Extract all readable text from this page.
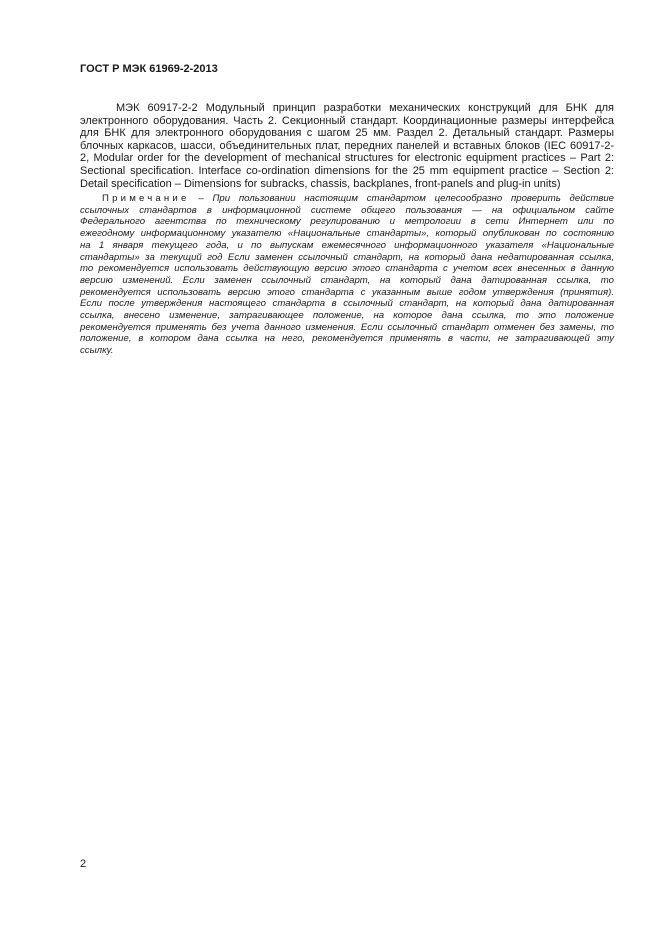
ГОСТ Р МЭК 61969-2-2013
МЭК 60917-2-2 Модульный принцип разработки механических конструкций для БНК для
электронного оборудования. Часть 2. Секционный стандарт. Координационные размеры интерфейса
для БНК для электронного оборудования с шагом 25 мм. Раздел 2. Детальный стандарт. Размеры
блочных каркасов, шасси, объединительных плат, передних панелей и вставных блоков (IEC 60917-2-
2, Modular order for the development of mechanical structures for electronic equipment practices – Part 2:
Sectional specification. Interface co-ordination dimensions for the 25 mm equipment practice – Section 2:
Detail specification – Dimensions for subracks, chassis, backplanes, front-panels and plug-in units)
Примечание – При пользовании настоящим стандартом целесообразно проверить действие
ссылочных стандартов в информационной системе общего пользования — на официальном сайте
Федерального агентства по техническому регулированию и метрологии в сети Интернет или по
ежегодному информационному указателю «Национальные стандарты», который опубликован по состоянию
на 1 января текущего года, и по выпускам ежемесячного информационного указателя «Национальные
стандарты» за текущий год Если заменен ссылочный стандарт, на который дана недатированная ссылка,
то рекомендуется использовать действующую версию этого стандарта с учетом всех внесенных в данную
версию изменений. Если заменен ссылочный стандарт, на который дана датированная ссылка, то
рекомендуется использовать версию этого стандарта с указанным выше годом утверждения (принятия).
Если после утверждения настоящего стандарта в ссылочный стандарт, на который дана датированная
ссылка, внесено изменение, затрагивающее положение, на которое дана ссылка, то это положение
рекомендуется применять без учета данного изменения. Если ссылочный стандарт отменен без замены, то
положение, в котором дана ссылка на него, рекомендуется применять в части, не затрагивающей эту
ссылку.
2
